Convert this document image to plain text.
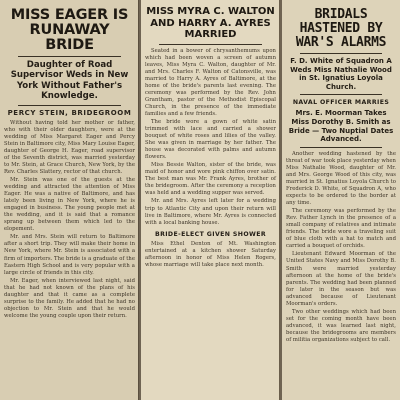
MISS EAGER IS RUNAWAY BRIDE
Daughter of Road Supervisor Weds in New York Without Father's Knowledge.
PERCY STEIN, BRIDEGROOM

Without having told her mother or father, who with their older daughters, were at the wedding of Miss Margaret Eager and Percy Stein in Baltimore city, Miss Mary Louise Eager, daughter of George H. Eager, road supervisor of the Seventh district, was married yesterday to Mr. Stein, at Grace Church, New York, by the Rev. Charles Slattery, rector of that church.

Mr. Stein was one of the guests at the wedding and attracted the attention of Miss Eager. He was a native of Baltimore, and has lately been living in New York, where he is engaged in business. The young people met at the wedding, and it is said that a romance sprang up between them which led to the elopement.

Mr. and Mrs. Stein will return to Baltimore after a short trip. They will make their home in New York, where Mr. Stein is associated with a firm of importers. The bride is a graduate of the Eastern High School and is very popular with a large circle of friends in this city.

Mr. Eager, when interviewed last night, said that he had not known of the plans of his daughter and that it came as a complete surprise to the family. He added that he had no objection to Mr. Stein and that he would welcome the young couple upon their return.

MISS MYRA C. WALTON AND HARRY A. AYRES MARRIED

Seated in a bower of chrysanthemums upon which had been woven a screen of autumn leaves, Miss Myra C. Walton, daughter of Mr. and Mrs. Charles F. Walton of Catonsville, was married to Harry A. Ayres of Baltimore, at the home of the bride's parents last evening. The ceremony was performed by the Rev. John Grantham, pastor of the Methodist Episcopal Church, in the presence of the immediate families and a few friends.

The bride wore a gown of white satin trimmed with lace and carried a shower bouquet of white roses and lilies of the valley. She was given in marriage by her father. The house was decorated with palms and autumn flowers.

Miss Bessie Walton, sister of the bride, was maid of honor and wore pink chiffon over satin. The best man was Mr. Frank Ayres, brother of the bridegroom. After the ceremony a reception was held and a wedding supper was served.

Mr. and Mrs. Ayres left later for a wedding trip to Atlantic City and upon their return will live in Baltimore, where Mr. Ayres is connected with a local banking house.

BRIDE-ELECT GIVEN SHOWER

Miss Ethel Denton of Mt. Washington entertained at a kitchen shower Saturday afternoon in honor of Miss Helen Rogers, whose marriage will take place next month.

BRIDALS HASTENED BY WAR'S ALARMS
F. D. White of Squadron A Weds Miss Nathalie Wood in St. Ignatius Loyola Church.
NAVAL OFFICER MARRIES
Mrs. E. Moorman Takes Miss Dorothy B. Smith as Bride — Two Nuptial Dates Advanced.

Another wedding hastened by the threat of war took place yesterday when Miss Nathalie Wood, daughter of Mr. and Mrs. George Wood of this city, was married in St. Ignatius Loyola Church to Frederick D. White, of Squadron A, who expects to be ordered to the border at any time.

The ceremony was performed by the Rev. Father Lynch in the presence of a small company of relatives and intimate friends. The bride wore a traveling suit of blue cloth with a hat to match and carried a bouquet of orchids.

Lieutenant Edward Moorman of the United States Navy and Miss Dorothy B. Smith were married yesterday afternoon at the home of the bride's parents. The wedding had been planned for later in the season but was advanced because of Lieutenant Moorman's orders.

Two other weddings which had been set for the coming month have been advanced, it was learned last night, because the bridegrooms are members of militia organizations subject to call.
